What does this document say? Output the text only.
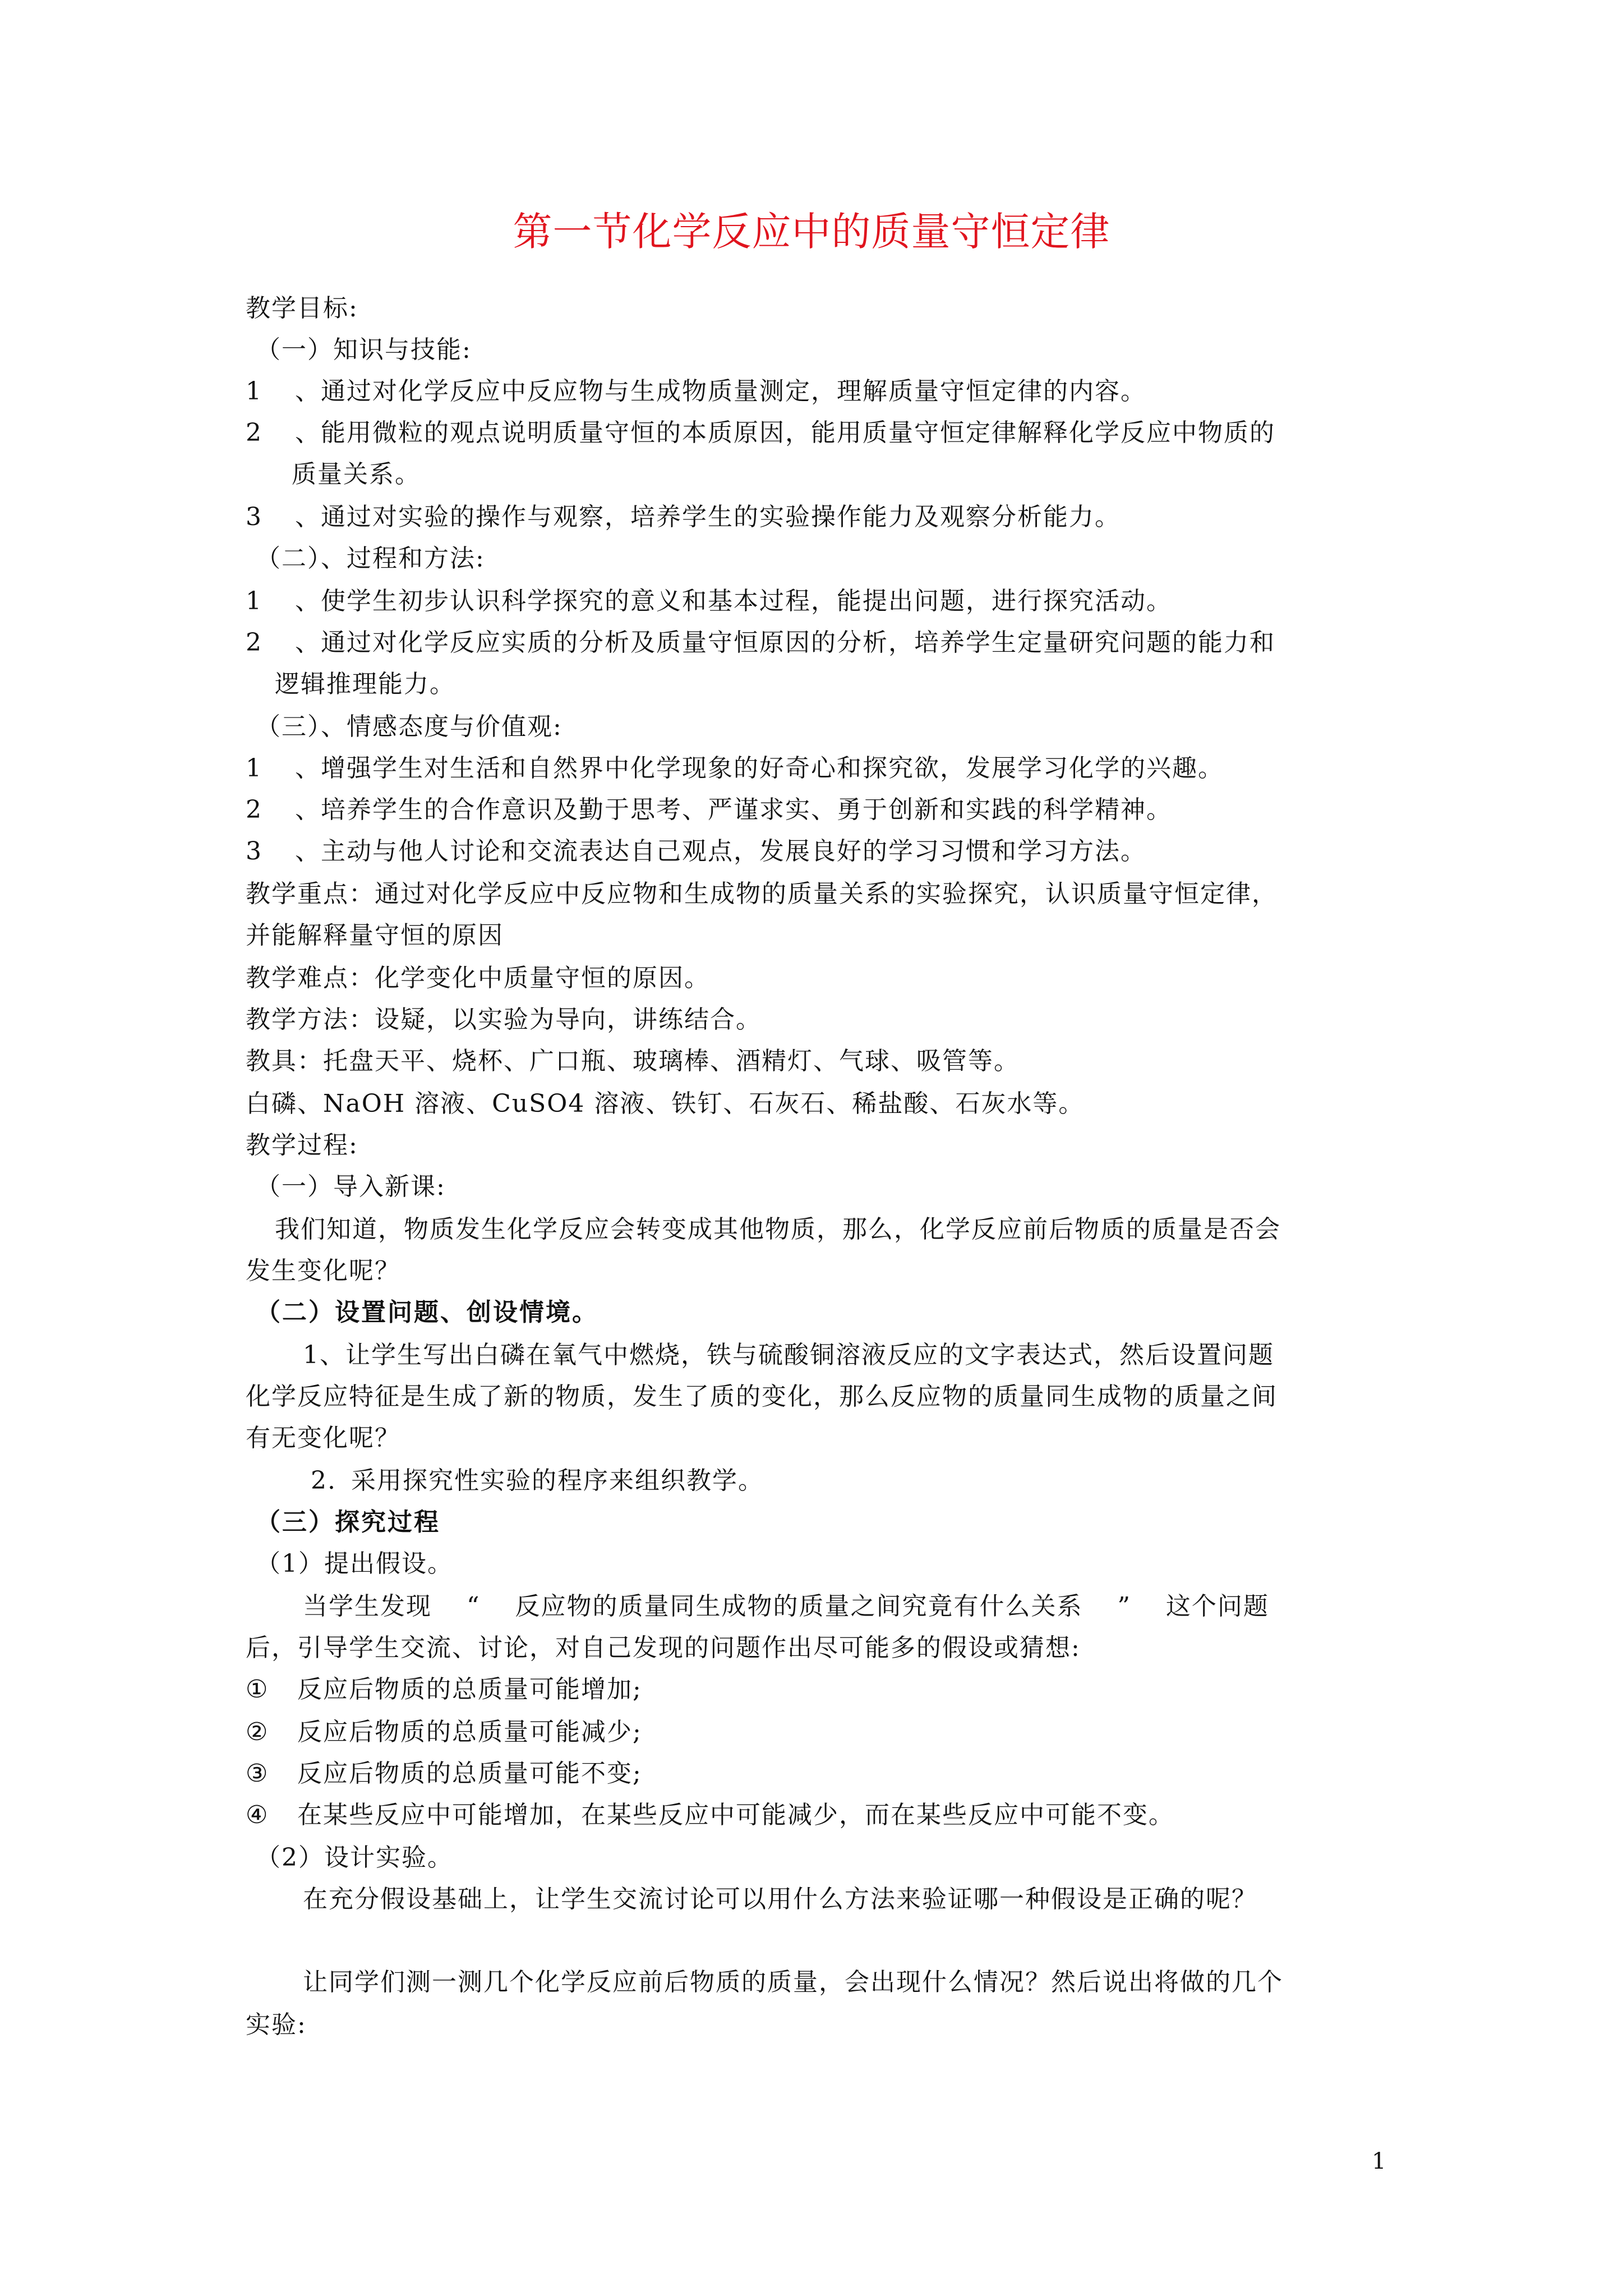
第一节化学反应中的质量守恒定律
教学目标:
（一）知识与技能:
1 、通过对化学反应中反应物与生成物质量测定，理解质量守恒定律的内容。
2 、能用微粒的观点说明质量守恒的本质原因，能用质量守恒定律解释化学反应中物质的
质量关系。
3 、通过对实验的操作与观察，培养学生的实验操作能力及观察分析能力。
（二）、过程和方法:
1 、使学生初步认识科学探究的意义和基本过程，能提出问题，进行探究活动。
2 、通过对化学反应实质的分析及质量守恒原因的分析，培养学生定量研究问题的能力和
逻辑推理能力。
（三）、情感态度与价值观:
1 、增强学生对生活和自然界中化学现象的好奇心和探究欲，发展学习化学的兴趣。
2 、培养学生的合作意识及勤于思考、严谨求实、勇于创新和实践的科学精神。
3 、主动与他人讨论和交流表达自己观点，发展良好的学习习惯和学习方法。
教学重点：通过对化学反应中反应物和生成物的质量关系的实验探究，认识质量守恒定律，
并能解释量守恒的原因
教学难点：化学变化中质量守恒的原因。
教学方法：设疑，以实验为导向，讲练结合。
教具：托盘天平、烧杯、广口瓶、玻璃棒、酒精灯、气球、吸管等。
白磷、NaOH 溶液、CuSO4 溶液、铁钉、石灰石、稀盐酸、石灰水等。
教学过程:
（一）导入新课:
我们知道，物质发生化学反应会转变成其他物质，那么，化学反应前后物质的质量是否会
发生变化呢？
（二）设置问题、创设情境。
1、让学生写出白磷在氧气中燃烧，铁与硫酸铜溶液反应的文字表达式，然后设置问题
化学反应特征是生成了新的物质，发生了质的变化，那么反应物的质量同生成物的质量之间
有无变化呢？
2. 采用探究性实验的程序来组织教学。
（三）探究过程
（1）提出假设。
当学生发现　 “　 反应物的质量同生成物的质量之间究竟有什么关系　 ”　 这个问题
后，引导学生交流、讨论，对自己发现的问题作出尽可能多的假设或猜想:
① 反应后物质的总质量可能增加;
② 反应后物质的总质量可能减少;
③ 反应后物质的总质量可能不变;
④ 在某些反应中可能增加，在某些反应中可能减少，而在某些反应中可能不变。
（2）设计实验。
在充分假设基础上，让学生交流讨论可以用什么方法来验证哪一种假设是正确的呢？
让同学们测一测几个化学反应前后物质的质量，会出现什么情况？然后说出将做的几个
实验:
1
